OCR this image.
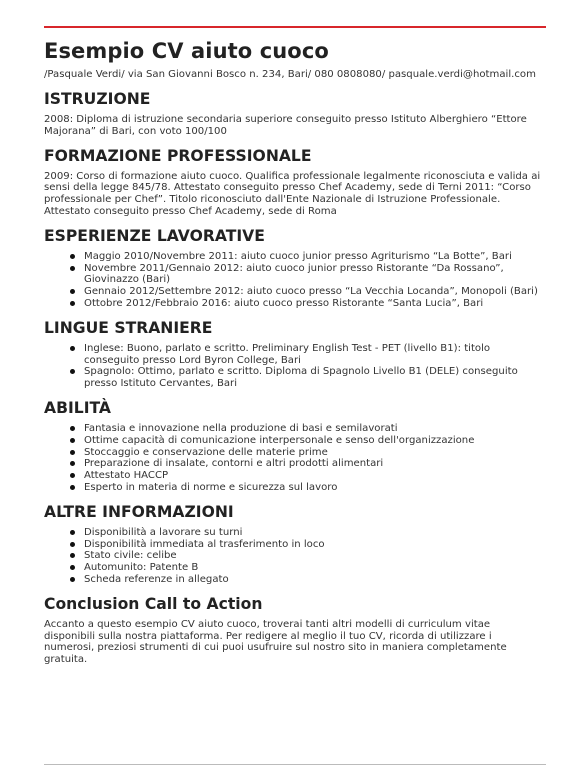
Esempio CV aiuto cuoco
/Pasquale Verdi/ via San Giovanni Bosco n. 234, Bari/ 080 0808080/ pasquale.verdi@hotmail.com
ISTRUZIONE

2008: Diploma di istruzione secondaria superiore conseguito presso Istituto Alberghiero “Ettore Majorana” di Bari, con voto 100/100

FORMAZIONE PROFESSIONALE

2009: Corso di formazione aiuto cuoco. Qualifica professionale legalmente riconosciuta e valida ai sensi della legge 845/78. Attestato conseguito presso Chef Academy, sede di Terni 2011: “Corso professionale per Chef”. Titolo riconosciuto dall'Ente Nazionale di Istruzione Professionale. Attestato conseguito presso Chef Academy, sede di Roma

ESPERIENZE LAVORATIVE
Maggio 2010/Novembre 2011: aiuto cuoco junior presso Agriturismo “La Botte”, Bari
Novembre 2011/Gennaio 2012: aiuto cuoco junior presso Ristorante “Da Rossano”, Giovinazzo (Bari)
Gennaio 2012/Settembre 2012: aiuto cuoco presso “La Vecchia Locanda”, Monopoli (Bari)
Ottobre 2012/Febbraio 2016: aiuto cuoco presso Ristorante “Santa Lucia”, Bari
LINGUE STRANIERE
Inglese: Buono, parlato e scritto. Preliminary English Test - PET (livello B1): titolo conseguito presso Lord Byron College, Bari
Spagnolo: Ottimo, parlato e scritto. Diploma di Spagnolo Livello B1 (DELE) conseguito presso Istituto Cervantes, Bari
ABILITÀ
Fantasia e innovazione nella produzione di basi e semilavorati
Ottime capacità di comunicazione interpersonale e senso dell'organizzazione
Stoccaggio e conservazione delle materie prime
Preparazione di insalate, contorni e altri prodotti alimentari
Attestato HACCP
Esperto in materia di norme e sicurezza sul lavoro
ALTRE INFORMAZIONI
Disponibilità a lavorare su turni
Disponibilità immediata al trasferimento in loco
Stato civile: celibe
Automunito: Patente B
Scheda referenze in allegato
Conclusion Call to Action

Accanto a questo esempio CV aiuto cuoco, troverai tanti altri modelli di curriculum vitae disponibili sulla nostra piattaforma. Per redigere al meglio il tuo CV, ricorda di utilizzare i numerosi, preziosi strumenti di cui puoi usufruire sul nostro sito in maniera completamente gratuita.
